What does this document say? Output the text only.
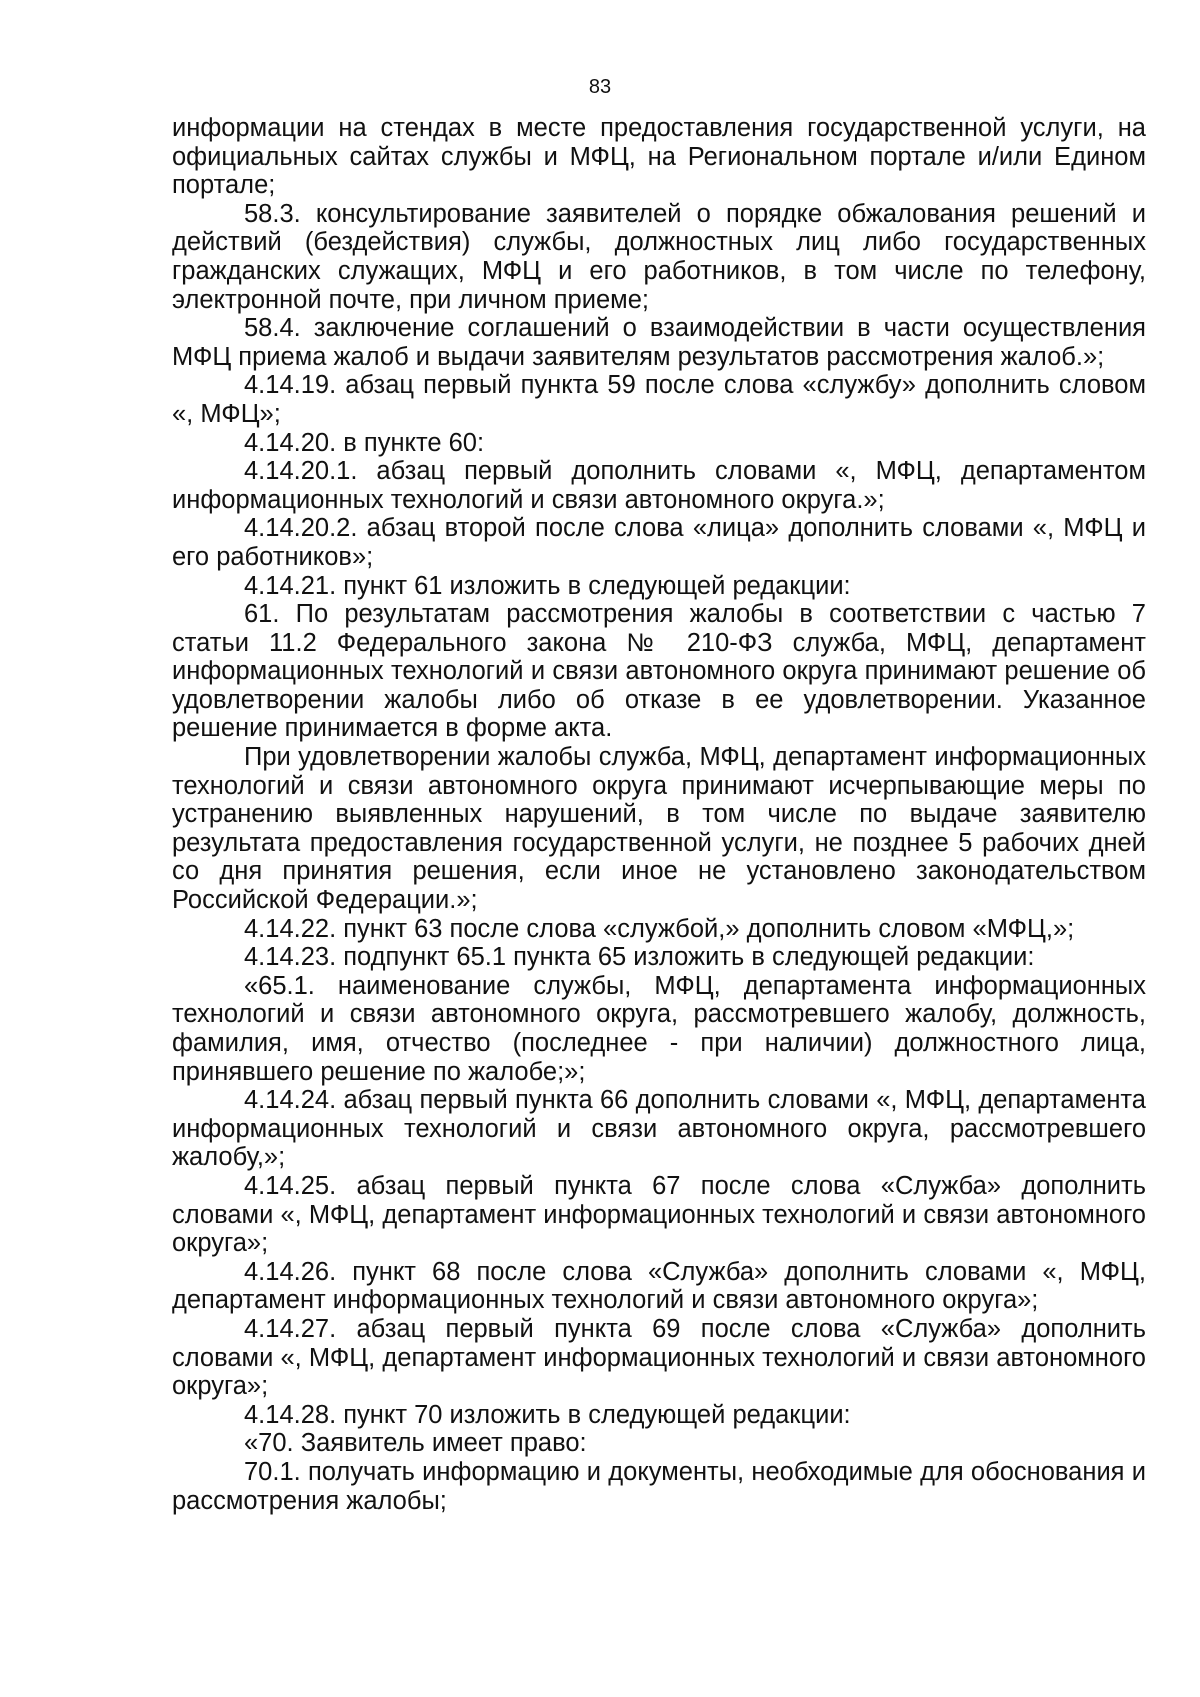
83

информации на стендах в месте предоставления государственной услуги, на официальных сайтах службы и МФЦ, на Региональном портале и/или Едином портале;

58.3. консультирование заявителей о порядке обжалования решений и действий (бездействия) службы, должностных лиц либо государственных гражданских служащих, МФЦ и его работников, в том числе по телефону, электронной почте, при личном приеме;

58.4. заключение соглашений о взаимодействии в части осуществления МФЦ приема жалоб и выдачи заявителям результатов рассмотрения жалоб.»;

4.14.19. абзац первый пункта 59 после слова «службу» дополнить словом «, МФЦ»;

4.14.20. в пункте 60:

4.14.20.1. абзац первый дополнить словами «, МФЦ, департаментом информационных технологий и связи автономного округа.»;

4.14.20.2. абзац второй после слова «лица» дополнить словами «, МФЦ и его работников»;

4.14.21. пункт 61 изложить в следующей редакции:

61. По результатам рассмотрения жалобы в соответствии с частью 7 статьи 11.2 Федерального закона № 210-ФЗ служба, МФЦ, департамент информационных технологий и связи автономного округа принимают решение об удовлетворении жалобы либо об отказе в ее удовлетворении. Указанное решение принимается в форме акта.

При удовлетворении жалобы служба, МФЦ, департамент информационных технологий и связи автономного округа принимают исчерпывающие меры по устранению выявленных нарушений, в том числе по выдаче заявителю результата предоставления государственной услуги, не позднее 5 рабочих дней со дня принятия решения, если иное не установлено законодательством Российской Федерации.»;

4.14.22. пункт 63 после слова «службой,» дополнить словом «МФЦ,»;

4.14.23. подпункт 65.1 пункта 65 изложить в следующей редакции:

«65.1. наименование службы, МФЦ, департамента информационных технологий и связи автономного округа, рассмотревшего жалобу, должность, фамилия, имя, отчество (последнее - при наличии) должностного лица, принявшего решение по жалобе;»;

4.14.24. абзац первый пункта 66 дополнить словами «, МФЦ, департамента информационных технологий и связи автономного округа, рассмотревшего жалобу,»;

4.14.25. абзац первый пункта 67 после слова «Служба» дополнить словами «, МФЦ, департамент информационных технологий и связи автономного округа»;

4.14.26. пункт 68 после слова «Служба» дополнить словами «, МФЦ, департамент информационных технологий и связи автономного округа»;

4.14.27. абзац первый пункта 69 после слова «Служба» дополнить словами «, МФЦ, департамент информационных технологий и связи автономного округа»;

4.14.28. пункт 70 изложить в следующей редакции:

«70. Заявитель имеет право:

70.1. получать информацию и документы, необходимые для обоснования и рассмотрения жалобы;
